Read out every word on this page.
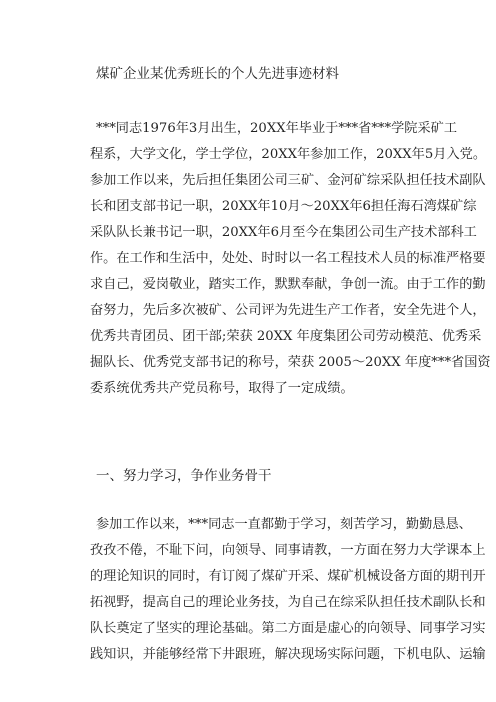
煤矿企业某优秀班长的个人先进事迹材料
***同志1976年3月出生，20XX年毕业于***省***学院采矿工
程系，大学文化，学士学位，20XX年参加工作，20XX年5月入党。
参加工作以来，先后担任集团公司三矿、金河矿综采队担任技术副队
长和团支部书记一职，20XX年10月～20XX年6担任海石湾煤矿综
采队队长兼书记一职，20XX年6月至今在集团公司生产技术部科工
作。在工作和生活中，处处、时时以一名工程技术人员的标准严格要
求自己，爱岗敬业，踏实工作，默默奉献，争创一流。由于工作的勤
奋努力，先后多次被矿、公司评为先进生产工作者，安全先进个人，
优秀共青团员、团干部;荣获 20XX 年度集团公司劳动模范、优秀采
掘队长、优秀党支部书记的称号，荣获 2005～20XX 年度***省国资
委系统优秀共产党员称号，取得了一定成绩。
一、努力学习，争作业务骨干
参加工作以来，***同志一直都勤于学习，刻苦学习，勤勤恳恳、
孜孜不倦，不耻下问，向领导、同事请教，一方面在努力大学课本上
的理论知识的同时，有订阅了煤矿开采、煤矿机械设备方面的期刊开
拓视野，提高自己的理论业务技，为自己在综采队担任技术副队长和
队长奠定了坚实的理论基础。第二方面是虚心的向领导、同事学习实
践知识，并能够经常下井跟班，解决现场实际问题，下机电队、运输
